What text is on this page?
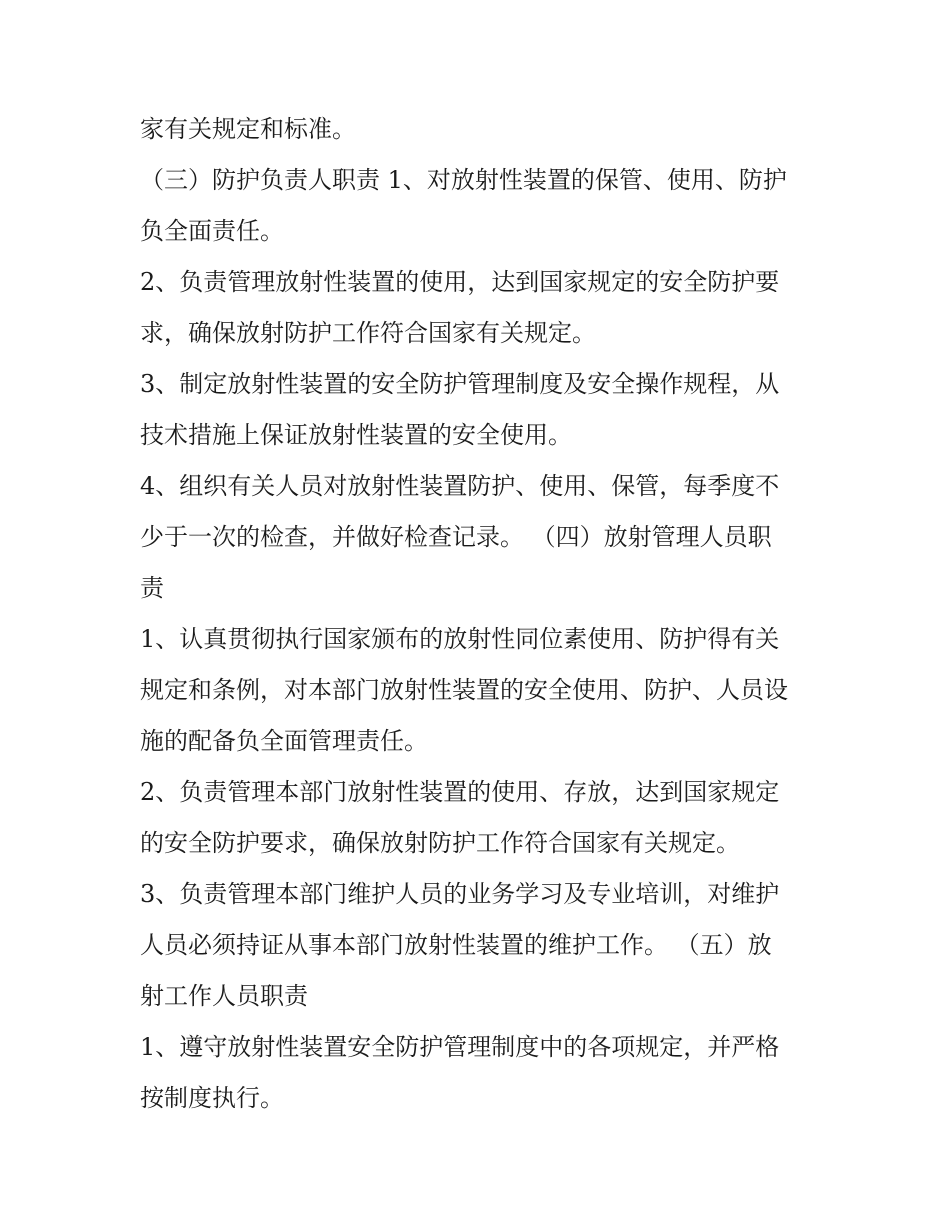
家有关规定和标准。
（三）防护负责人职责 1、对放射性装置的保管、使用、防护
负全面责任。
2、负责管理放射性装置的使用，达到国家规定的安全防护要
求，确保放射防护工作符合国家有关规定。
3、制定放射性装置的安全防护管理制度及安全操作规程，从
技术措施上保证放射性装置的安全使用。
4、组织有关人员对放射性装置防护、使用、保管，每季度不
少于一次的检查，并做好检查记录。 （四）放射管理人员职
责
1、认真贯彻执行国家颁布的放射性同位素使用、防护得有关
规定和条例，对本部门放射性装置的安全使用、防护、人员设
施的配备负全面管理责任。
2、负责管理本部门放射性装置的使用、存放，达到国家规定
的安全防护要求，确保放射防护工作符合国家有关规定。
3、负责管理本部门维护人员的业务学习及专业培训，对维护
人员必须持证从事本部门放射性装置的维护工作。 （五）放
射工作人员职责
1、遵守放射性装置安全防护管理制度中的各项规定，并严格
按制度执行。
